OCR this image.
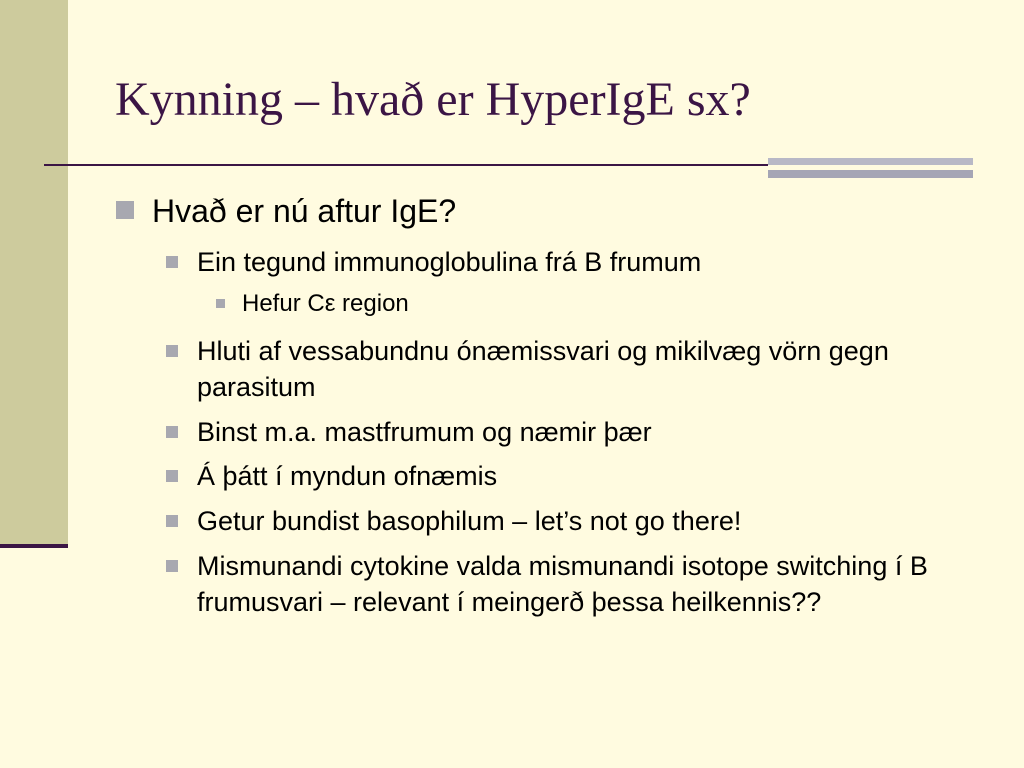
Kynning – hvað er HyperIgE sx?

Hvað er nú aftur IgE?

Ein tegund immunoglobulina frá B frumum

Hefur Cε region

Hluti af vessabundnu ónæmissvari og mikilvæg vörn gegn parasitum

Binst m.a. mastfrumum og næmir þær

Á þátt í myndun ofnæmis

Getur bundist basophilum – let’s not go there!

Mismunandi cytokine valda mismunandi isotope switching í B frumusvari – relevant í meingerð þessa heilkennis??
